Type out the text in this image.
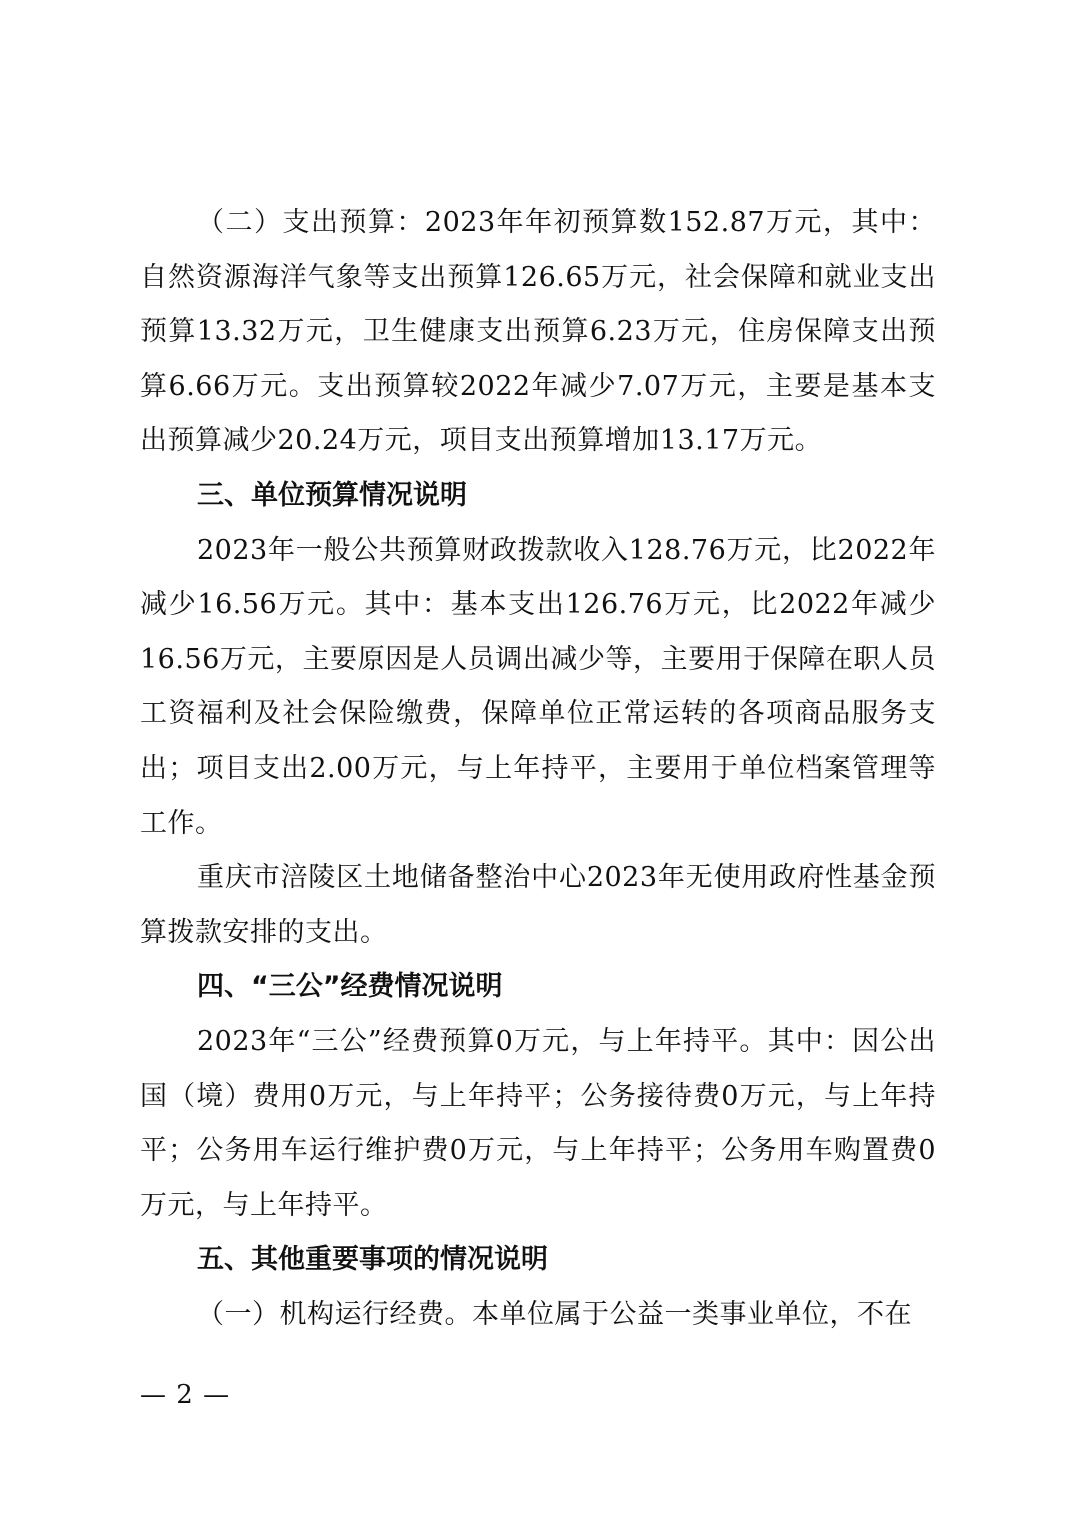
（二）支出预算：2023年年初预算数152.87万元，其中：自然资源海洋气象等支出预算126.65万元，社会保障和就业支出预算13.32万元，卫生健康支出预算6.23万元，住房保障支出预算6.66万元。支出预算较2022年减少7.07万元，主要是基本支出预算减少20.24万元，项目支出预算增加13.17万元。

三、单位预算情况说明

2023年一般公共预算财政拨款收入128.76万元，比2022年减少16.56万元。其中：基本支出126.76万元，比2022年减少16.56万元，主要原因是人员调出减少等，主要用于保障在职人员工资福利及社会保险缴费，保障单位正常运转的各项商品服务支出；项目支出2.00万元，与上年持平，主要用于单位档案管理等工作。

重庆市涪陵区土地储备整治中心2023年无使用政府性基金预算拨款安排的支出。

四、“三公”经费情况说明

2023年“三公”经费预算0万元，与上年持平。其中：因公出国（境）费用0万元，与上年持平；公务接待费0万元，与上年持平；公务用车运行维护费0万元，与上年持平；公务用车购置费0万元，与上年持平。

五、其他重要事项的情况说明

（一）机构运行经费。本单位属于公益一类事业单位，不在

— 2 —
